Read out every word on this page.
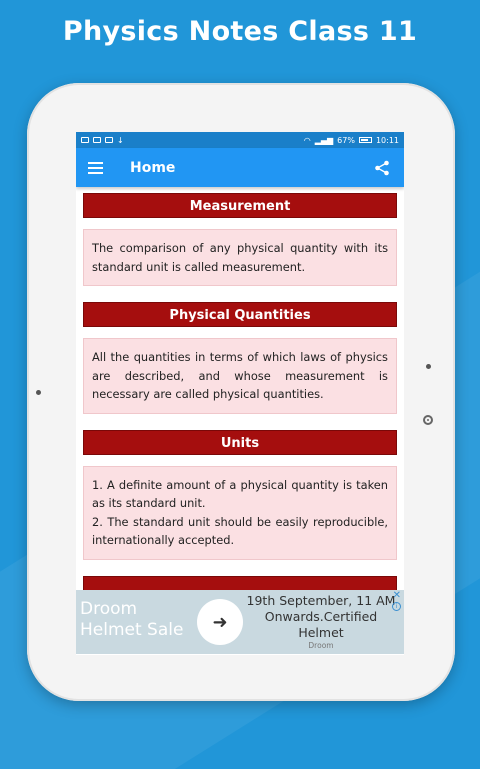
Physics Notes Class 11
↓	◠ ▂▄▆ 67%	10:11
Home
Measurement
The comparison of any physical quantity with its standard unit is called measurement.
Physical Quantities
All the quantities in terms of which laws of physics are described, and whose measurement is necessary are called physical quantities.
Units
1. A definite amount of a physical quantity is taken as its standard unit.
2. The standard unit should be easily reproducible, internationally accepted.
Droom
Helmet Sale	➜
19th September, 11 AM Onwards.Certified Helmet
Droom
✕
i
